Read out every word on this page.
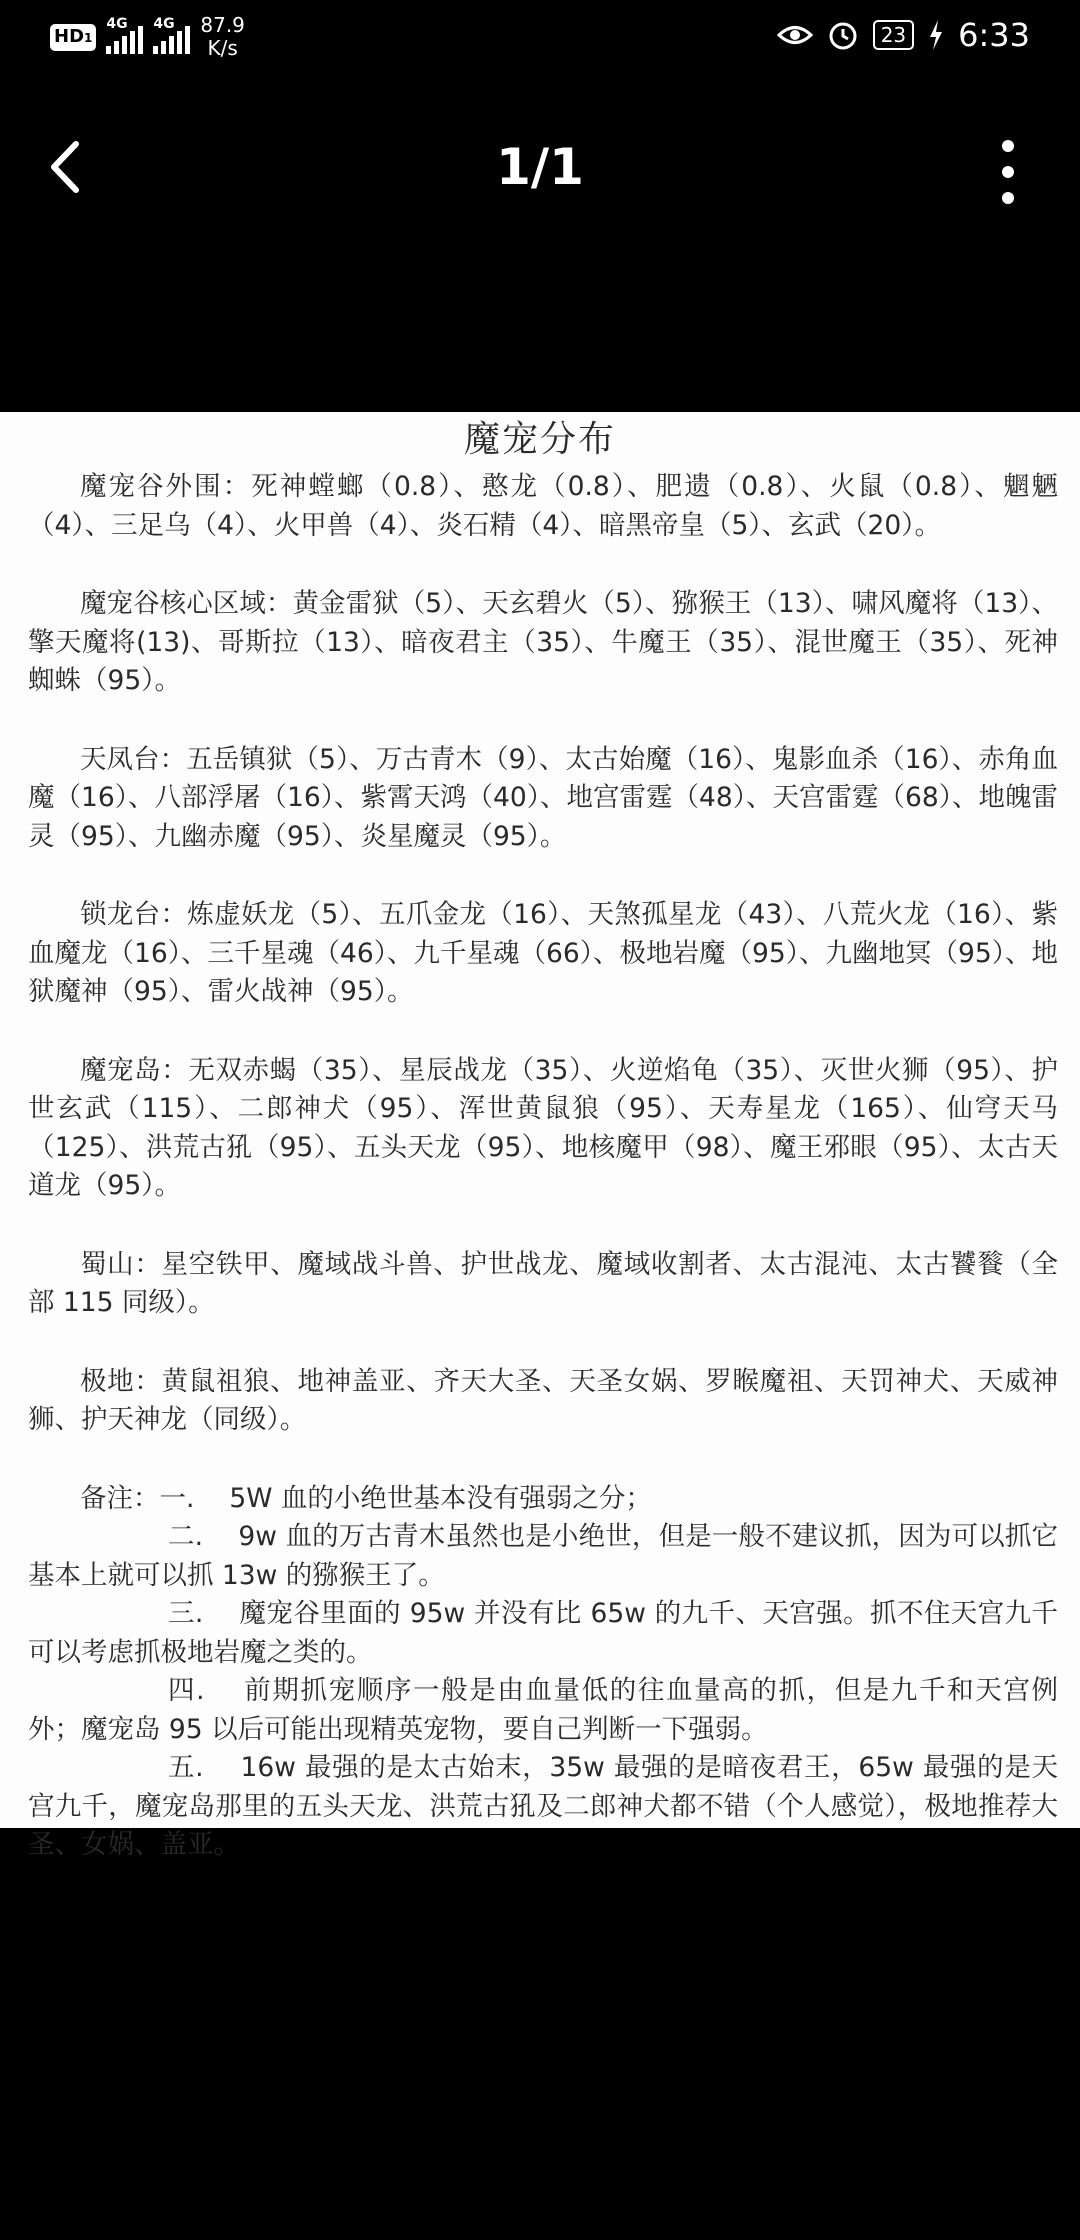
HD1
4G 4G 87.9
K/s
23 6:33
1/1
魔宠分布

魔宠谷外围：死神螳螂（0.8）、憨龙（0.8）、肥遗（0.8）、火鼠（0.8）、魍魉（4）、三足乌（4）、火甲兽（4）、炎石精（4）、暗黑帝皇（5）、玄武（20）。

魔宠谷核心区域：黄金雷狱（5）、天玄碧火（5）、猕猴王（13）、啸风魔将（13）、擎天魔将(13)、哥斯拉（13）、暗夜君主（35）、牛魔王（35）、混世魔王（35）、死神蜘蛛（95）。

天凤台：五岳镇狱（5）、万古青木（9）、太古始魔（16）、鬼影血杀（16）、赤角血魔（16）、八部浮屠（16）、紫霄天鸿（40）、地宫雷霆（48）、天宫雷霆（68）、地魄雷灵（95）、九幽赤魔（95）、炎星魔灵（95）。

锁龙台：炼虚妖龙（5）、五爪金龙（16）、天煞孤星龙（43）、八荒火龙（16）、紫血魔龙（16）、三千星魂（46）、九千星魂（66）、极地岩魔（95）、九幽地冥（95）、地狱魔神（95）、雷火战神（95）。

魔宠岛：无双赤蝎（35）、星辰战龙（35）、火逆焰龟（35）、灭世火狮（95）、护世玄武（115）、二郎神犬（95）、浑世黄鼠狼（95）、天寿星龙（165）、仙穹天马（125）、洪荒古犼（95）、五头天龙（95）、地核魔甲（98）、魔王邪眼（95）、太古天道龙（95）。

蜀山：星空铁甲、魔域战斗兽、护世战龙、魔域收割者、太古混沌、太古饕餮（全部 115 同级）。

极地：黄鼠祖狼、地神盖亚、齐天大圣、天圣女娲、罗睺魔祖、天罚神犬、天威神狮、护天神龙（同级）。

备注：一.　 5W 血的小绝世基本没有强弱之分；

二.　 9w 血的万古青木虽然也是小绝世，但是一般不建议抓，因为可以抓它基本上就可以抓 13w 的猕猴王了。

三.　 魔宠谷里面的 95w 并没有比 65w 的九千、天宫强。抓不住天宫九千可以考虑抓极地岩魔之类的。

四.　 前期抓宠顺序一般是由血量低的往血量高的抓，但是九千和天宫例外；魔宠岛 95 以后可能出现精英宠物，要自己判断一下强弱。

五.　 16w 最强的是太古始末，35w 最强的是暗夜君王，65w 最强的是天宫九千，魔宠岛那里的五头天龙、洪荒古犼及二郎神犬都不错（个人感觉），极地推荐大圣、女娲、盖亚。
